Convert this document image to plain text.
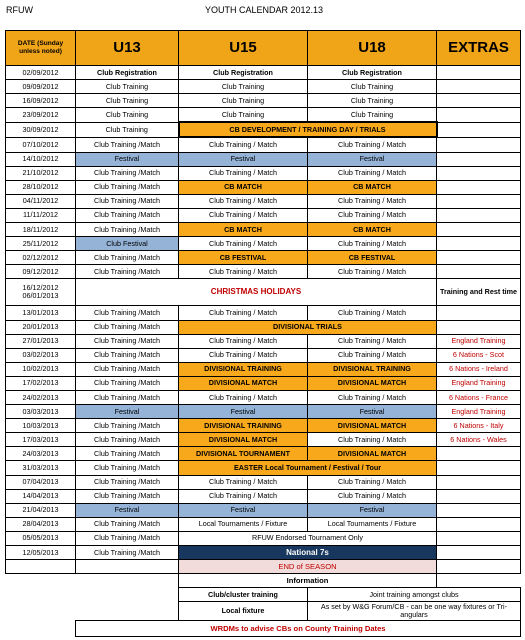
RFUW	YOUTH CALENDAR 2012.13
DATE (Sunday unless noted)	U13	U15	U18	EXTRAS
02/09/2012	Club Registration	Club Registration	Club Registration	
09/09/2012	Club Training	Club Training	Club Training	
16/09/2012	Club Training	Club Training	Club Training	
23/09/2012	Club Training	Club Training	Club Training	
30/09/2012	Club Training	CB DEVELOPMENT / TRAINING DAY / TRIALS		
07/10/2012	Club Training /Match	Club Training / Match	Club Training / Match	
14/10/2012	Festival	Festival	Festival	
21/10/2012	Club Training /Match	Club Training / Match	Club Training / Match	
28/10/2012	Club Training /Match	CB MATCH	CB MATCH	
04/11/2012	Club Training /Match	Club Training / Match	Club Training / Match	
11/11/2012	Club Training /Match	Club Training / Match	Club Training / Match	
18/11/2012	Club Training /Match	CB MATCH	CB MATCH	
25/11/2012	Club Festival	Club Training / Match	Club Training / Match	
02/12/2012	Club Training /Match	CB FESTIVAL	CB FESTIVAL	
09/12/2012	Club Training /Match	Club Training / Match	Club Training / Match	
16/12/2012 06/01/2013	CHRISTMAS HOLIDAYS			Training and Rest time
13/01/2013	Club Training /Match	Club Training / Match	Club Training / Match	
20/01/2013	Club Training /Match	DIVISIONAL TRIALS		
27/01/2013	Club Training /Match	Club Training / Match	Club Training / Match	England Training
03/02/2013	Club Training /Match	Club Training / Match	Club Training / Match	6 Nations - Scot
10/02/2013	Club Training /Match	DIVISIONAL TRAINING	DIVISIONAL TRAINING	6 Nations - Ireland
17/02/2013	Club Training /Match	DIVISIONAL MATCH	DIVISIONAL MATCH	England Training
24/02/2013	Club Training /Match	Club Training / Match	Club Training / Match	6 Nations - France
03/03/2013	Festival	Festival	Festival	England Training
10/03/2013	Club Training /Match	DIVISIONAL TRAINING	DIVISIONAL MATCH	6 Nations - Italy
17/03/2013	Club Training /Match	DIVISIONAL MATCH	Club Training / Match	6 Nations - Wales
24/03/2013	Club Training /Match	DIVISIONAL TOURNAMENT	DIVISIONAL MATCH	
31/03/2013	Club Training /Match	EASTER Local Tournament / Festival / Tour		
07/04/2013	Club Training /Match	Club Training / Match	Club Training / Match	
14/04/2013	Club Training /Match	Club Training / Match	Club Training / Match	
21/04/2013	Festival	Festival	Festival	
28/04/2013	Club Training /Match	Local Tournaments / Fixture	Local Tournaments / Fixture	
05/05/2013	Club Training /Match	RFUW Endorsed Tournament Only		
12/05/2013	Club Training /Match	National 7s		
		END of SEASON		
		Information		
		Club/cluster training	Joint training amongst clubs	
		Local fixture	As set by W&G Forum/CB - can be one way fixtures or Tri-angulars	
	WRDMs to advise CBs on County Training Dates			
